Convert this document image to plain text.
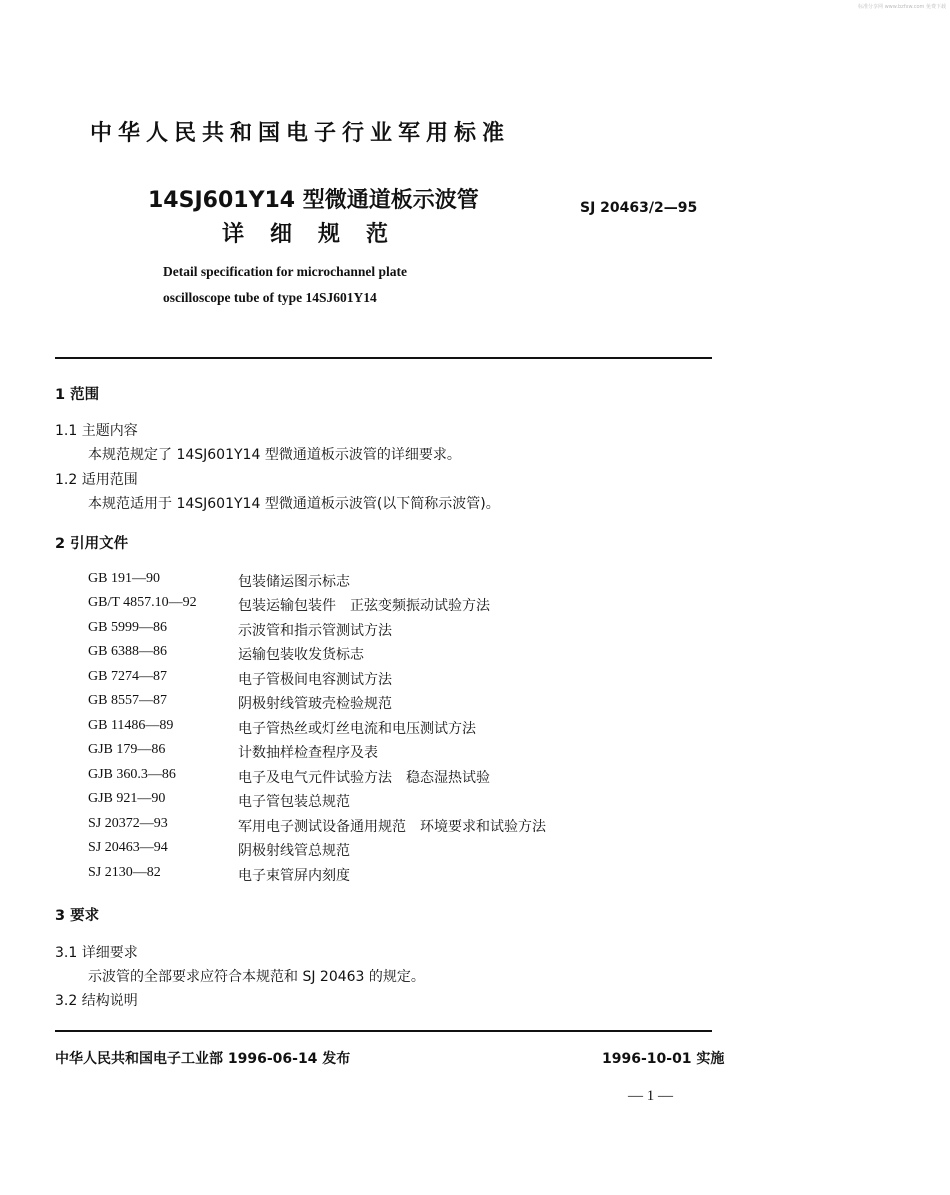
标准分享网 www.bzfxw.com 免费下载
中华人民共和国电子行业军用标准
14SJ601Y14 型微通道板示波管
详细规范
SJ 20463/2—95
Detail specification for microchannel plate
oscilloscope tube of type 14SJ601Y14
1 范围
1.1 主题内容
本规范规定了 14SJ601Y14 型微通道板示波管的详细要求。
1.2 适用范围
本规范适用于 14SJ601Y14 型微通道板示波管(以下简称示波管)。
2 引用文件
GB 191—90	包装储运图示标志
GB/T 4857.10—92	包装运输包装件　正弦变频振动试验方法
GB 5999—86	示波管和指示管测试方法
GB 6388—86	运输包装收发货标志
GB 7274—87	电子管极间电容测试方法
GB 8557—87	阴极射线管玻壳检验规范
GB 11486—89	电子管热丝或灯丝电流和电压测试方法
GJB 179—86	计数抽样检查程序及表
GJB 360.3—86	电子及电气元件试验方法　稳态湿热试验
GJB 921—90	电子管包装总规范
SJ 20372—93	军用电子测试设备通用规范　环境要求和试验方法
SJ 20463—94	阴极射线管总规范
SJ 2130—82	电子束管屏内刻度
3 要求
3.1 详细要求
示波管的全部要求应符合本规范和 SJ 20463 的规定。
3.2 结构说明
中华人民共和国电子工业部 1996-06-14 发布	1996-10-01 实施
— 1 —
